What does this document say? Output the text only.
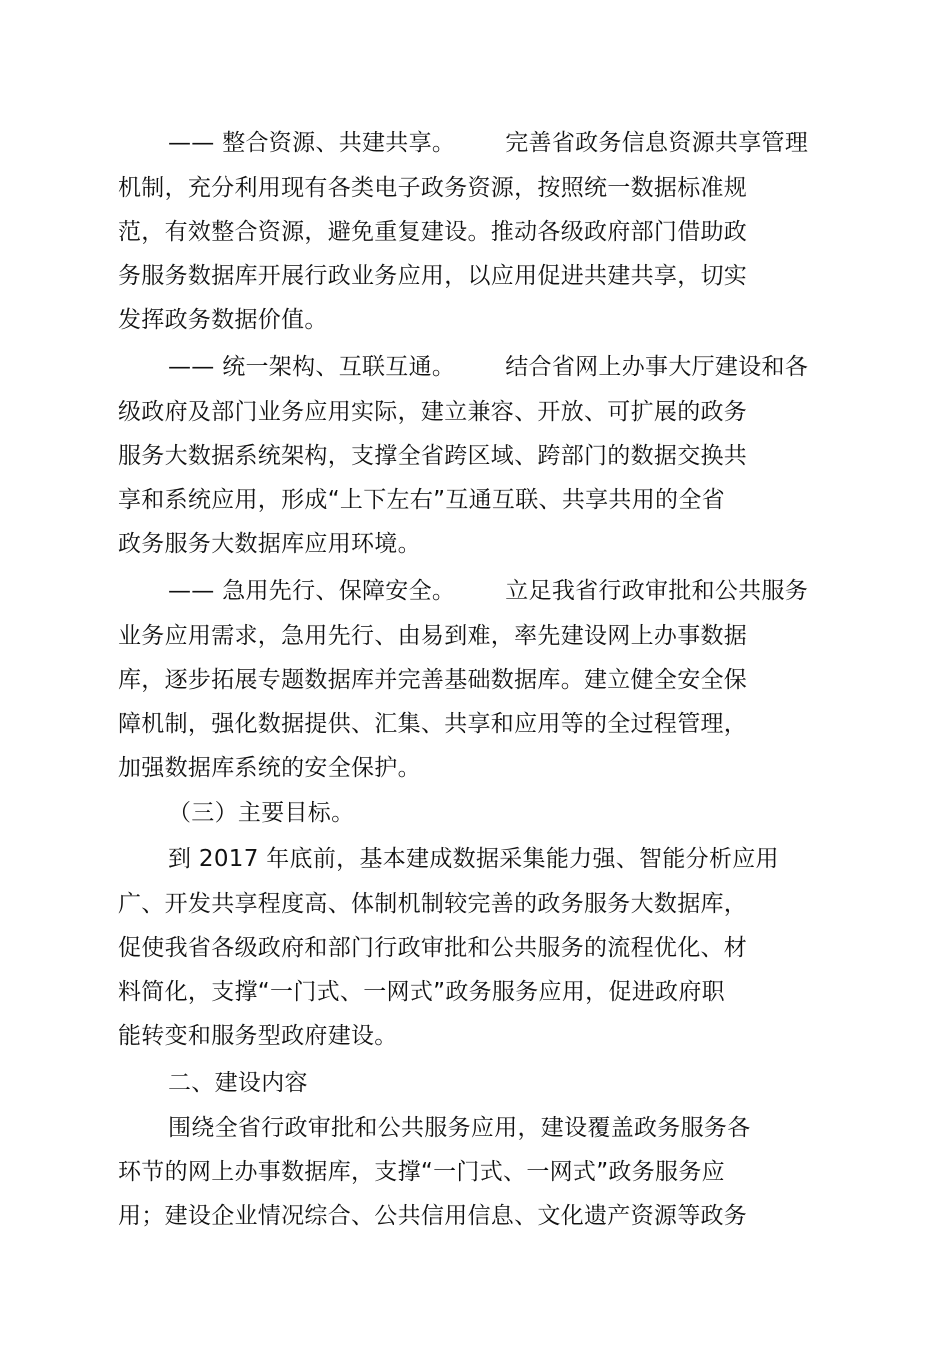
—— 整合资源、共建共享。 完善省政务信息资源共享管理
机制，充分利用现有各类电子政务资源，按照统一数据标准规
范，有效整合资源，避免重复建设。推动各级政府部门借助政
务服务数据库开展行政业务应用，以应用促进共建共享，切实
发挥政务数据价值。
—— 统一架构、互联互通。 结合省网上办事大厅建设和各
级政府及部门业务应用实际，建立兼容、开放、可扩展的政务
服务大数据系统架构，支撑全省跨区域、跨部门的数据交换共
享和系统应用，形成“上下左右”互通互联、共享共用的全省
政务服务大数据库应用环境。
—— 急用先行、保障安全。 立足我省行政审批和公共服务
业务应用需求，急用先行、由易到难，率先建设网上办事数据
库，逐步拓展专题数据库并完善基础数据库。建立健全安全保
障机制，强化数据提供、汇集、共享和应用等的全过程管理，
加强数据库系统的安全保护。
（三）主要目标。
到 2017 年底前，基本建成数据采集能力强、智能分析应用
广、开发共享程度高、体制机制较完善的政务服务大数据库，
促使我省各级政府和部门行政审批和公共服务的流程优化、材
料简化，支撑“一门式、一网式”政务服务应用，促进政府职
能转变和服务型政府建设。
二、建设内容
围绕全省行政审批和公共服务应用，建设覆盖政务服务各
环节的网上办事数据库，支撑“一门式、一网式”政务服务应
用；建设企业情况综合、公共信用信息、文化遗产资源等政务
